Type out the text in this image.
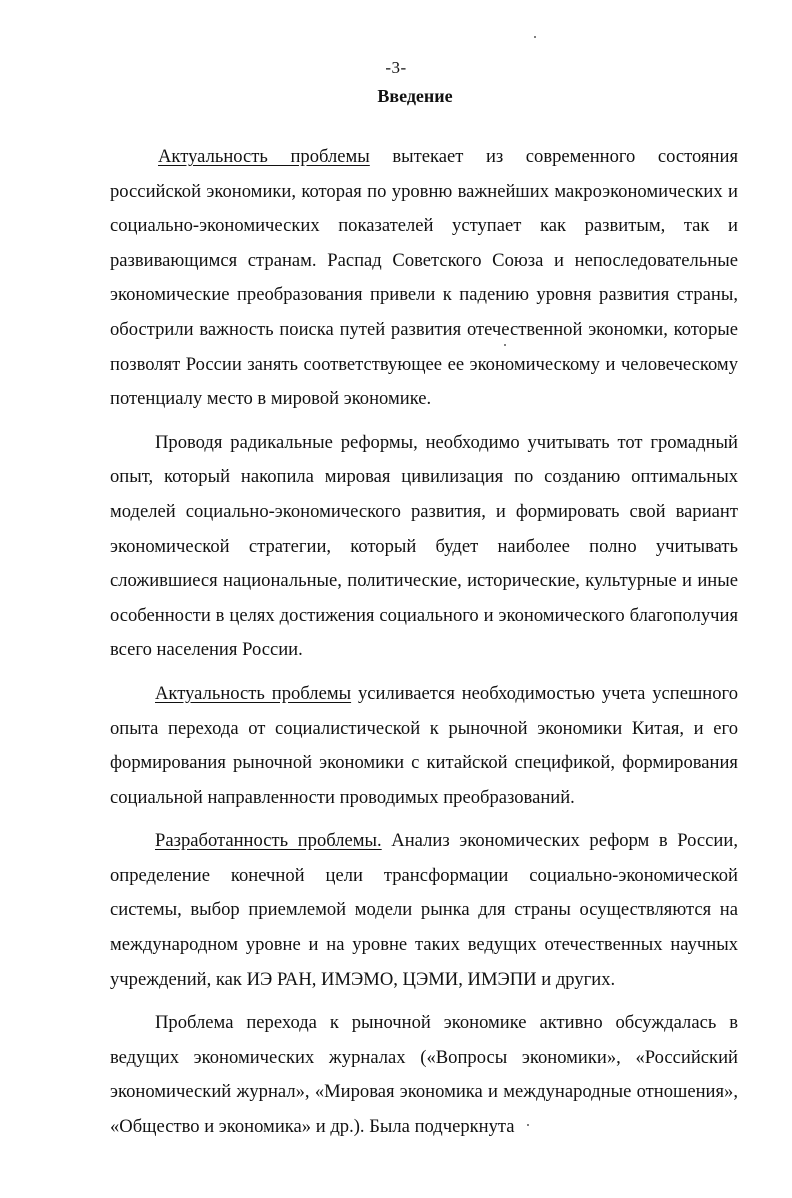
-3-
Введение

Актуальность проблемы вытекает из современного состояния российской экономики, которая по уровню важнейших макроэкономических и социально-экономических показателей уступает как развитым, так и развивающимся странам. Распад Советского Союза и непоследовательные экономические преобразования привели к падению уровня развития страны, обострили важность поиска путей развития отечественной экономки, которые позволят России занять соответствующее ее экономическому и человеческому потенциалу место в мировой экономике.

Проводя радикальные реформы, необходимо учитывать тот громадный опыт, который накопила мировая цивилизация по созданию оптимальных моделей социально-экономического развития, и формировать свой вариант экономической стратегии, который будет наиболее полно учитывать сложившиеся национальные, политические, исторические, культурные и иные особенности в целях достижения социального и экономического благополучия всего населения России.

Актуальность проблемы усиливается необходимостью учета успешного опыта перехода от социалистической к рыночной экономики Китая, и его формирования рыночной экономики с китайской спецификой, формирования социальной направленности проводимых преобразований.

Разработанность проблемы. Анализ экономических реформ в России, определение конечной цели трансформации социально-экономической системы, выбор приемлемой модели рынка для страны осуществляются на международном уровне и на уровне таких ведущих отечественных научных учреждений, как ИЭ РАН, ИМЭМО, ЦЭМИ, ИМЭПИ и других.

Проблема перехода к рыночной экономике активно обсуждалась в ведущих экономических журналах («Вопросы экономики», «Российский экономический журнал», «Мировая экономика и международные отношения», «Общество и экономика» и др.). Была подчеркнута
